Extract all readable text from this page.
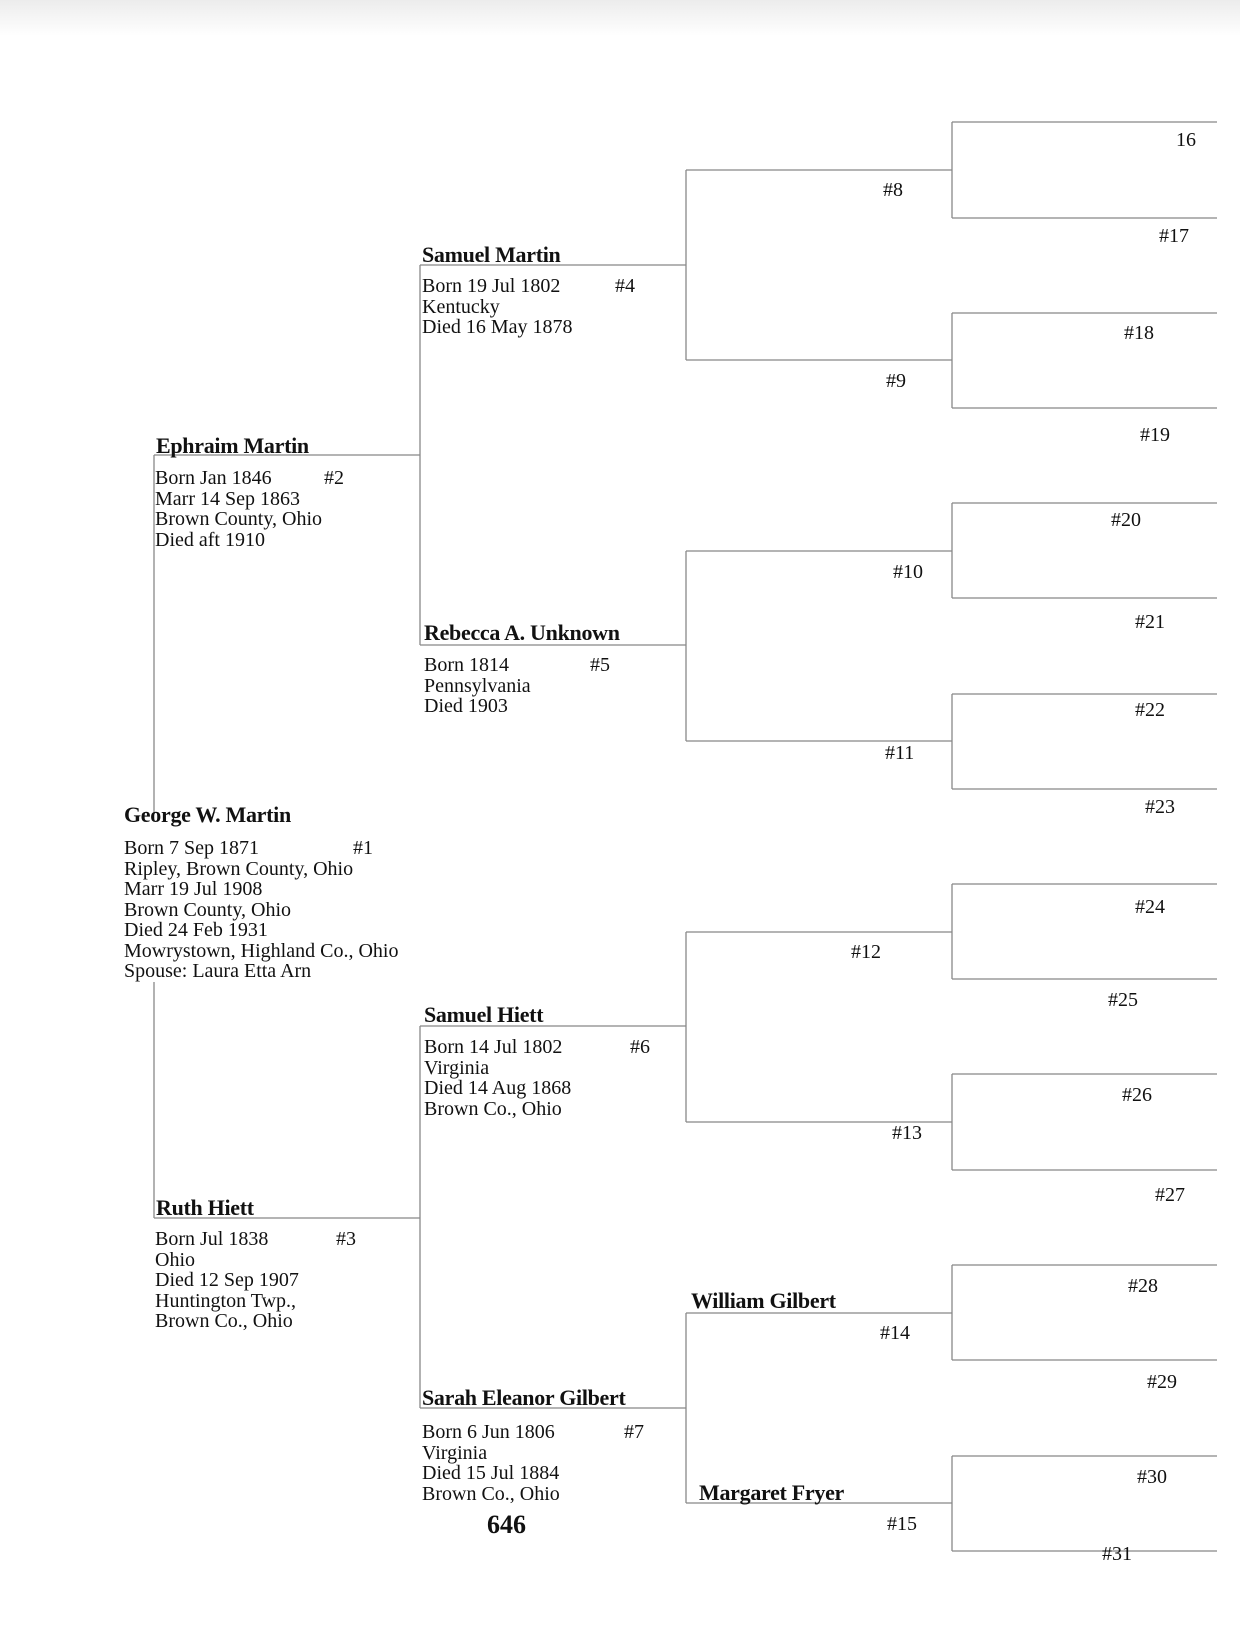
George W. Martin
#1
Born 7 Sep 1871
Ripley, Brown County, Ohio
Marr 19 Jul 1908
Brown County, Ohio
Died 24 Feb 1931
Mowrystown, Highland Co., Ohio
Spouse: Laura Etta Arn
Ephraim Martin
#2
Born Jan 1846
Marr 14 Sep 1863
Brown County, Ohio
Died aft 1910
Ruth Hiett
#3
Born Jul 1838
Ohio
Died 12 Sep 1907
Huntington Twp.,
Brown Co., Ohio
Samuel Martin
#4
Born 19 Jul 1802
Kentucky
Died 16 May 1878
Rebecca A. Unknown
#5
Born 1814
Pennsylvania
Died 1903
Samuel Hiett
#6
Born 14 Jul 1802
Virginia
Died 14 Aug 1868
Brown Co., Ohio
Sarah Eleanor Gilbert
#7
Born 6 Jun 1806
Virginia
Died 15 Jul 1884
Brown Co., Ohio
#8
#9
#10
#11
#12
#13
William Gilbert
#14
Margaret Fryer
#15
16
#17
#18
#19
#20
#21
#22
#23
#24
#25
#26
#27
#28
#29
#30
#31
646
